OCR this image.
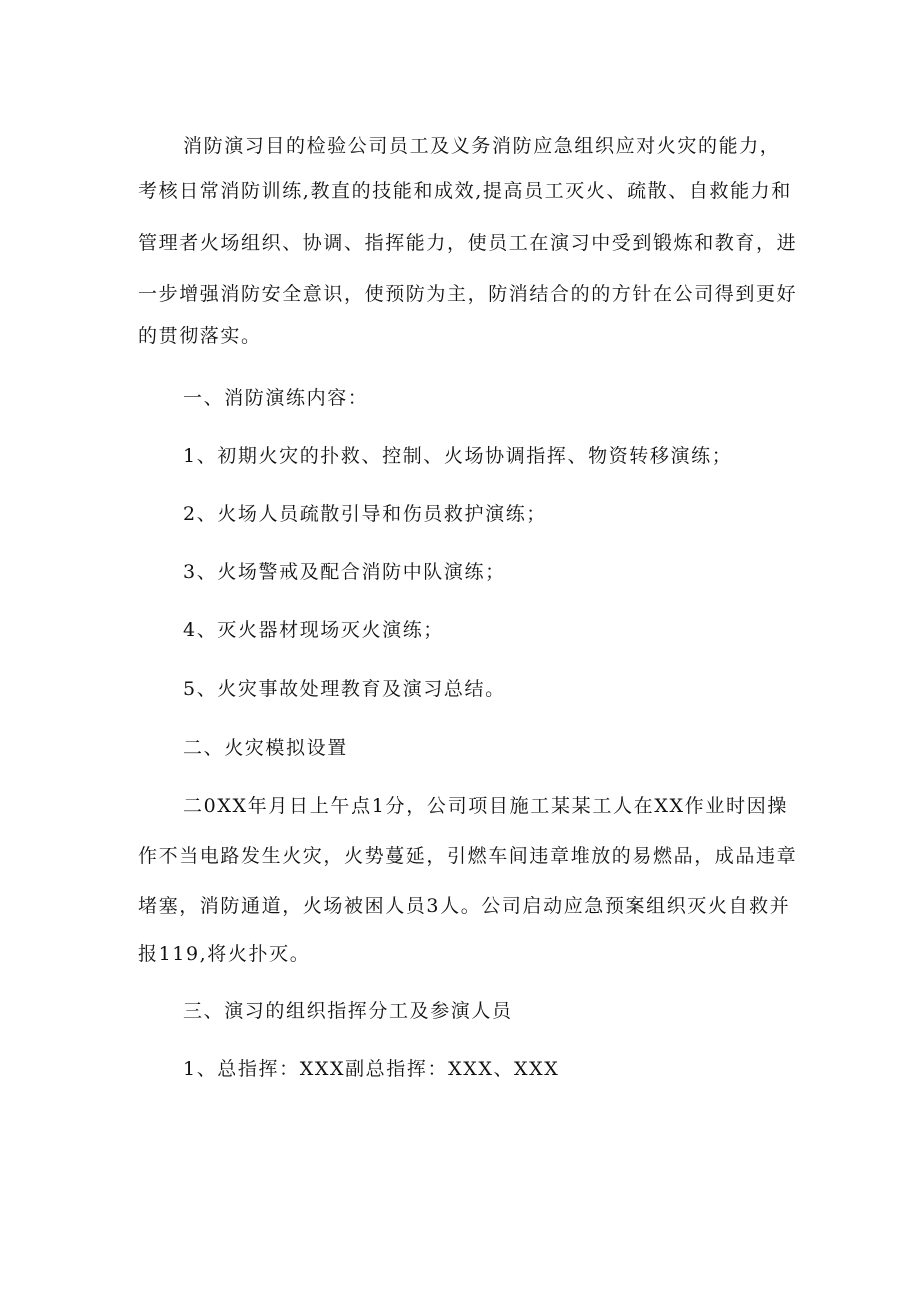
消防演习目的检验公司员工及义务消防应急组织应对火灾的能力，
考核日常消防训练,教直的技能和成效,提高员工灭火、疏散、自救能力和
管理者火场组织、协调、指挥能力，使员工在演习中受到锻炼和教育，进
一步增强消防安全意识，使预防为主，防消结合的的方针在公司得到更好
的贯彻落实。
一、消防演练内容：
1、初期火灾的扑救、控制、火场协调指挥、物资转移演练；
2、火场人员疏散引导和伤员救护演练；
3、火场警戒及配合消防中队演练；
4、灭火器材现场灭火演练；
5、火灾事故处理教育及演习总结。
二、火灾模拟设置
二0XX年月日上午点1分，公司项目施工某某工人在XX作业时因操
作不当电路发生火灾，火势蔓延，引燃车间违章堆放的易燃品，成品违章
堵塞，消防通道，火场被困人员3人。公司启动应急预案组织灭火自救并
报119,将火扑灭。
三、演习的组织指挥分工及参演人员
1、总指挥：XXX副总指挥：XXX、XXX
